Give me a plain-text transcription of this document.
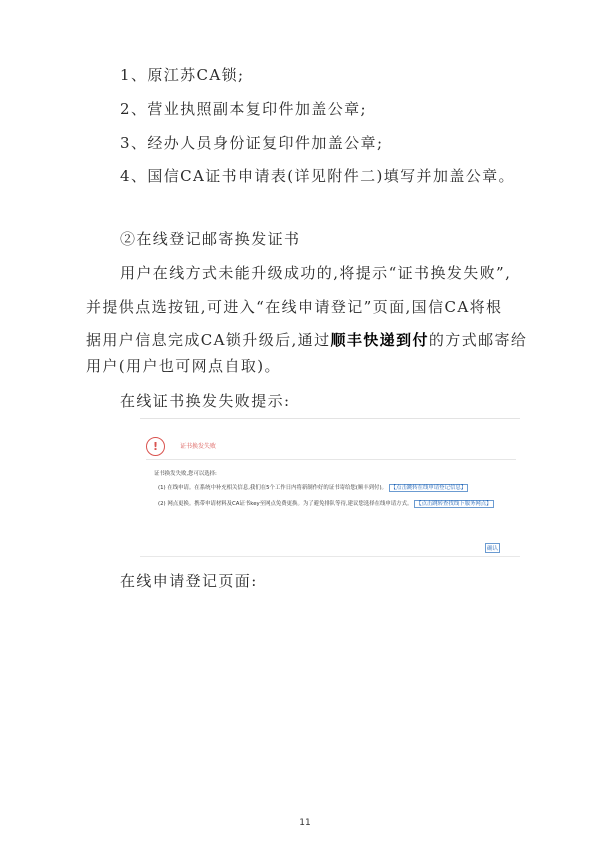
1、原江苏CA锁;
2、营业执照副本复印件加盖公章;
3、经办人员身份证复印件加盖公章;
4、国信CA证书申请表(详见附件二)填写并加盖公章。
②在线登记邮寄换发证书
用户在线方式未能升级成功的,将提示“证书换发失败”,
并提供点选按钮,可进入“在线申请登记”页面,国信CA将根
据用户信息完成CA锁升级后,通过顺丰快递到付的方式邮寄给
用户(用户也可网点自取)。
在线证书换发失败提示:
!	证书换发失败
证书换发失败,您可以选择:
(1) 在线申请。在系统中补充相关信息,我们在5个工作日内将新制作好的证书寄给您(顺丰到付)。 【点击跳转在线申请登记信息】
(2) 网点更换。携带申请材料及CA证书key至网点免费更换。为了避免排队等待,建议您选择在线申请方式。 【点击跳转查找线下服务网点】
确认
在线申请登记页面:
11
